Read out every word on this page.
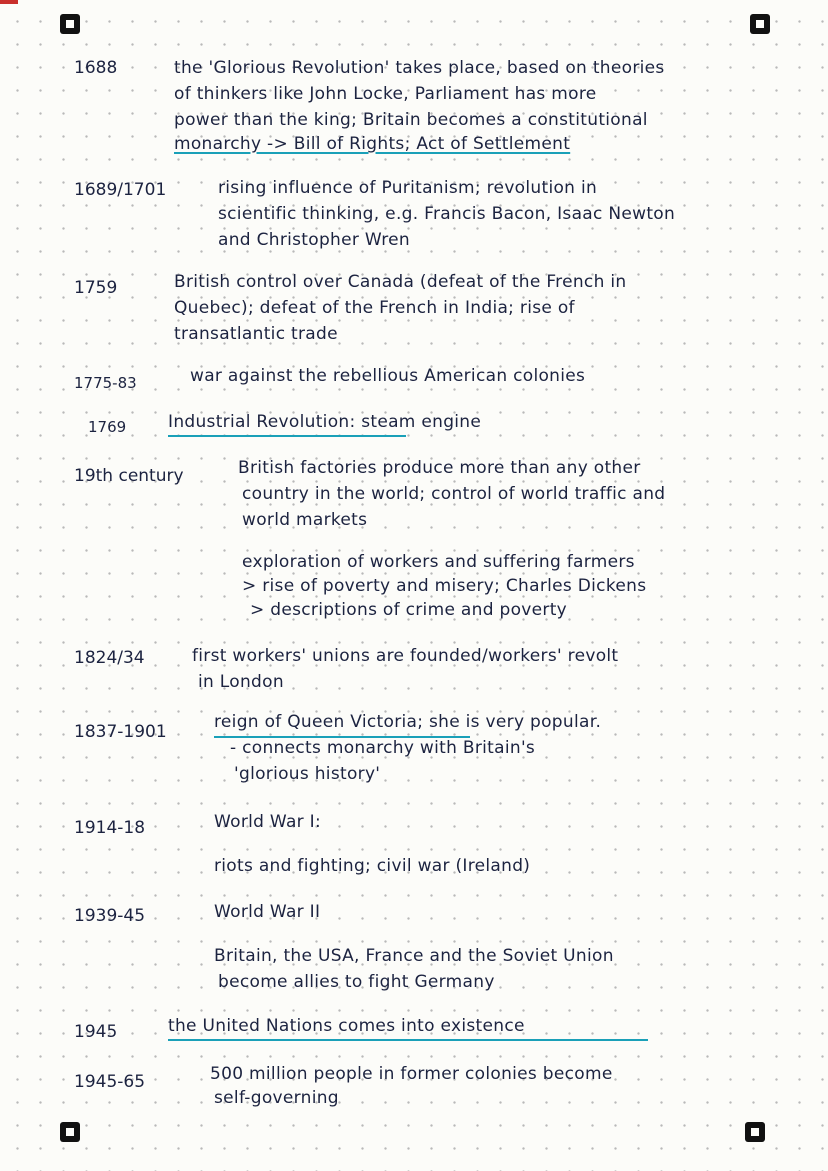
1688	the 'Glorious Revolution' takes place, based on theories
of thinkers like John Locke, Parliament has more
power than the king; Britain becomes a constitutional
monarchy -> Bill of Rights; Act of Settlement
1689/1701	rising influence of Puritanism; revolution in
scientific thinking, e.g. Francis Bacon, Isaac Newton
and Christopher Wren
1759	British control over Canada (defeat of the French in
Quebec); defeat of the French in India; rise of
transatlantic trade
1775-83	war against the rebellious American colonies
1769 Industrial Revolution: steam engine
19th century	British factories produce more than any other
country in the world; control of world traffic and
world markets
exploration of workers and suffering farmers
> rise of poverty and misery; Charles Dickens
> descriptions of crime and poverty
1824/34	first workers' unions are founded/workers' revolt
in London
1837-1901	reign of Queen Victoria; she is very popular.
- connects monarchy with Britain's
'glorious history'
1914-18	World War I:
riots and fighting; civil war (Ireland)
1939-45	World War II
Britain, the USA, France and the Soviet Union
become allies to fight Germany
1945	the United Nations comes into existence
1945-65	500 million people in former colonies become
self-governing
